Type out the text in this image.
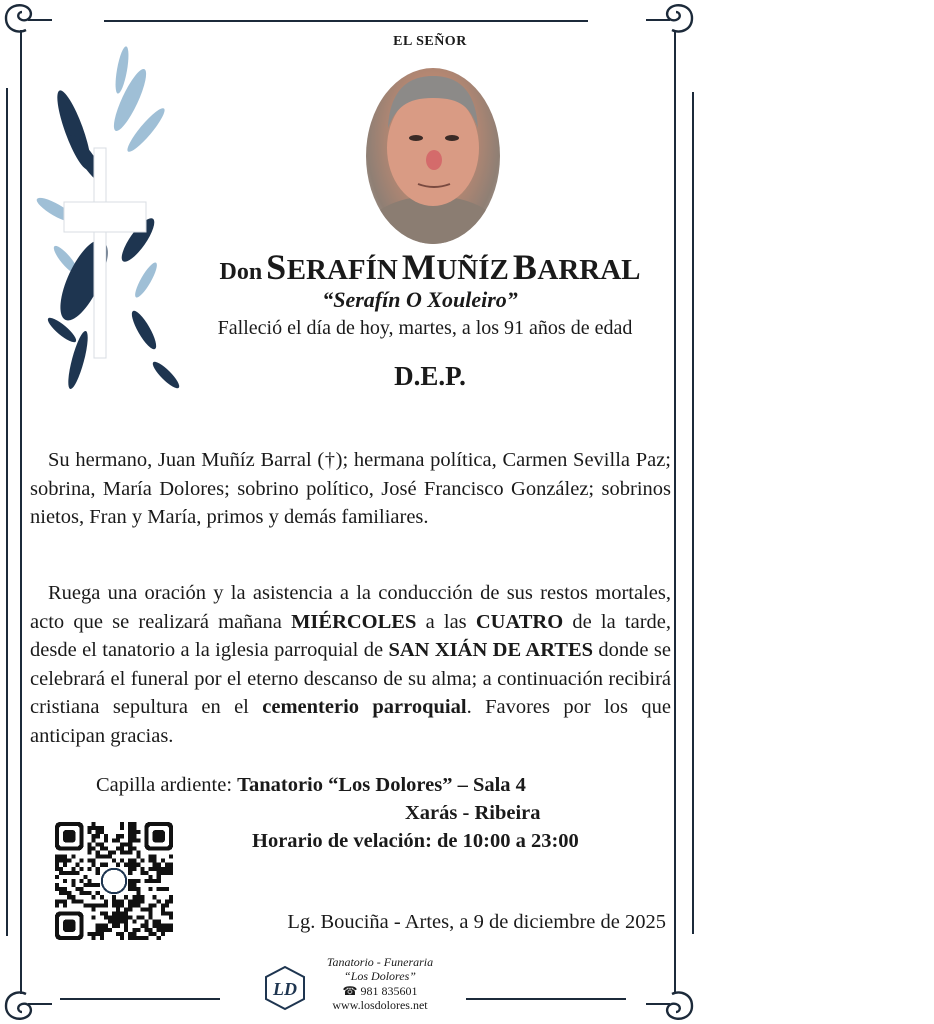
EL SEÑOR
Don SERAFÍN MUÑÍZ BARRAL
“Serafín O Xouleiro”
Falleció el día de hoy, martes, a los 91 años de edad
D.E.P.

Su hermano, Juan Muñíz Barral (†); hermana política, Carmen Sevilla Paz; sobrina, María Dolores; sobrino político, José Francisco González; sobrinos nietos, Fran y María, primos y demás familiares.

Ruega una oración y la asistencia a la conducción de sus restos mortales, acto que se realizará mañana MIÉRCOLES a las CUATRO de la tarde, desde el tanatorio a la iglesia parroquial de SAN XIÁN DE ARTES donde se celebrará el funeral por el eterno descanso de su alma; a continuación recibirá cristiana sepultura en el cementerio parroquial. Favores por los que anticipan gracias.

Capilla ardiente: Tanatorio “Los Dolores” – Sala 4
Xarás - Ribeira
Horario de velación: de 10:00 a 23:00
Lg. Bouciña - Artes, a 9 de diciembre de 2025
LD
Tanatorio - Funeraria
“Los Dolores”
☎ 981 835601
www.losdolores.net
